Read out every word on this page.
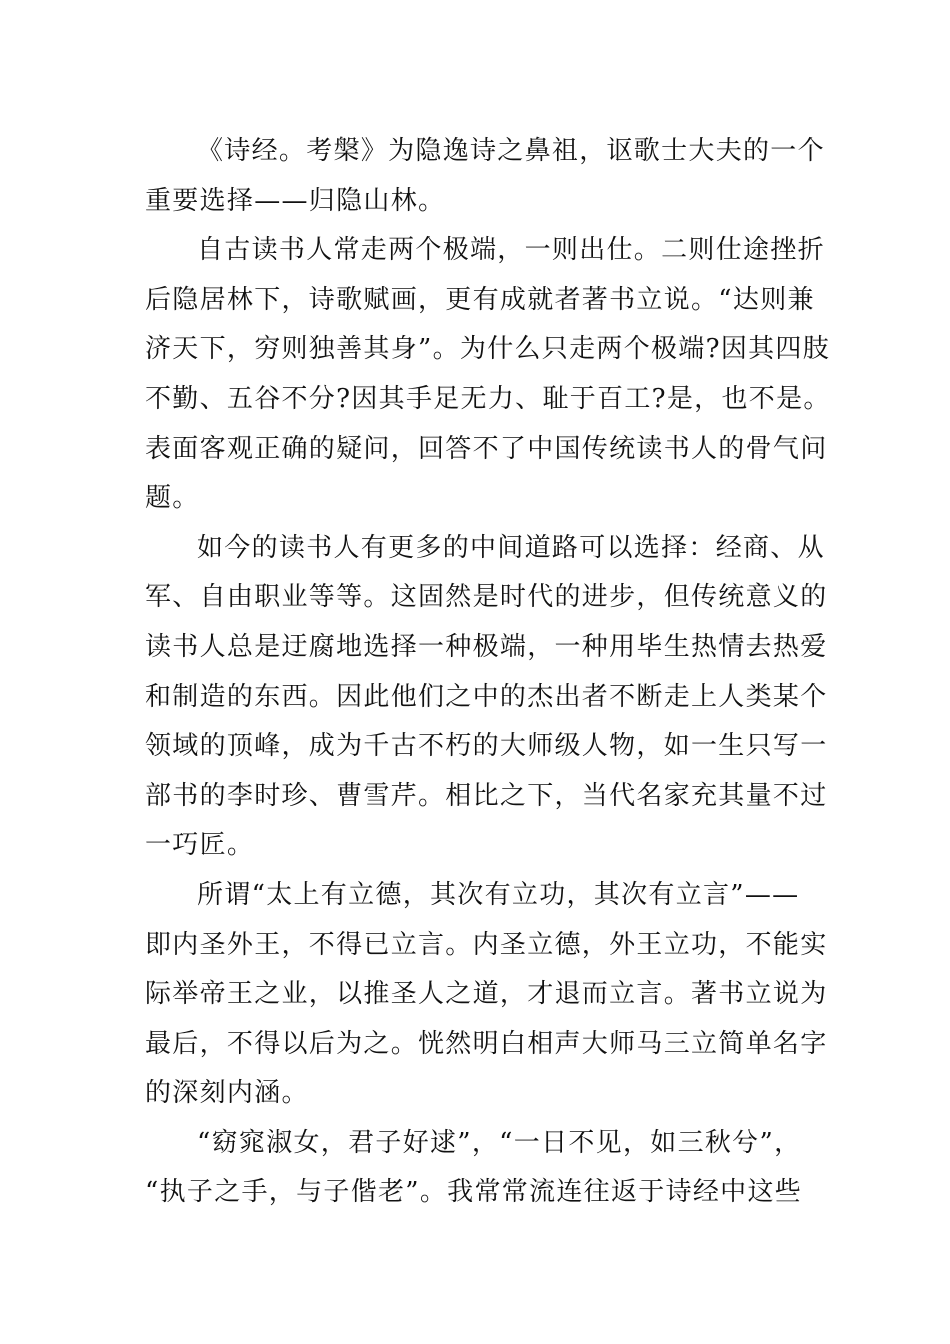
《诗经。考槃》为隐逸诗之鼻祖，讴歌士大夫的一个
重要选择——归隐山林。
自古读书人常走两个极端，一则出仕。二则仕途挫折
后隐居林下，诗歌赋画，更有成就者著书立说。“达则兼
济天下，穷则独善其身”。为什么只走两个极端?因其四肢
不勤、五谷不分?因其手足无力、耻于百工?是，也不是。
表面客观正确的疑问，回答不了中国传统读书人的骨气问
题。
如今的读书人有更多的中间道路可以选择：经商、从
军、自由职业等等。这固然是时代的进步，但传统意义的
读书人总是迂腐地选择一种极端，一种用毕生热情去热爱
和制造的东西。因此他们之中的杰出者不断走上人类某个
领域的顶峰，成为千古不朽的大师级人物，如一生只写一
部书的李时珍、曹雪芹。相比之下，当代名家充其量不过
一巧匠。
所谓“太上有立德，其次有立功，其次有立言”——
即内圣外王，不得已立言。内圣立德，外王立功，不能实
际举帝王之业，以推圣人之道，才退而立言。著书立说为
最后，不得以后为之。恍然明白相声大师马三立简单名字
的深刻内涵。
“窈窕淑女，君子好逑”，“一日不见，如三秋兮”，
“执子之手，与子偕老”。我常常流连往返于诗经中这些
